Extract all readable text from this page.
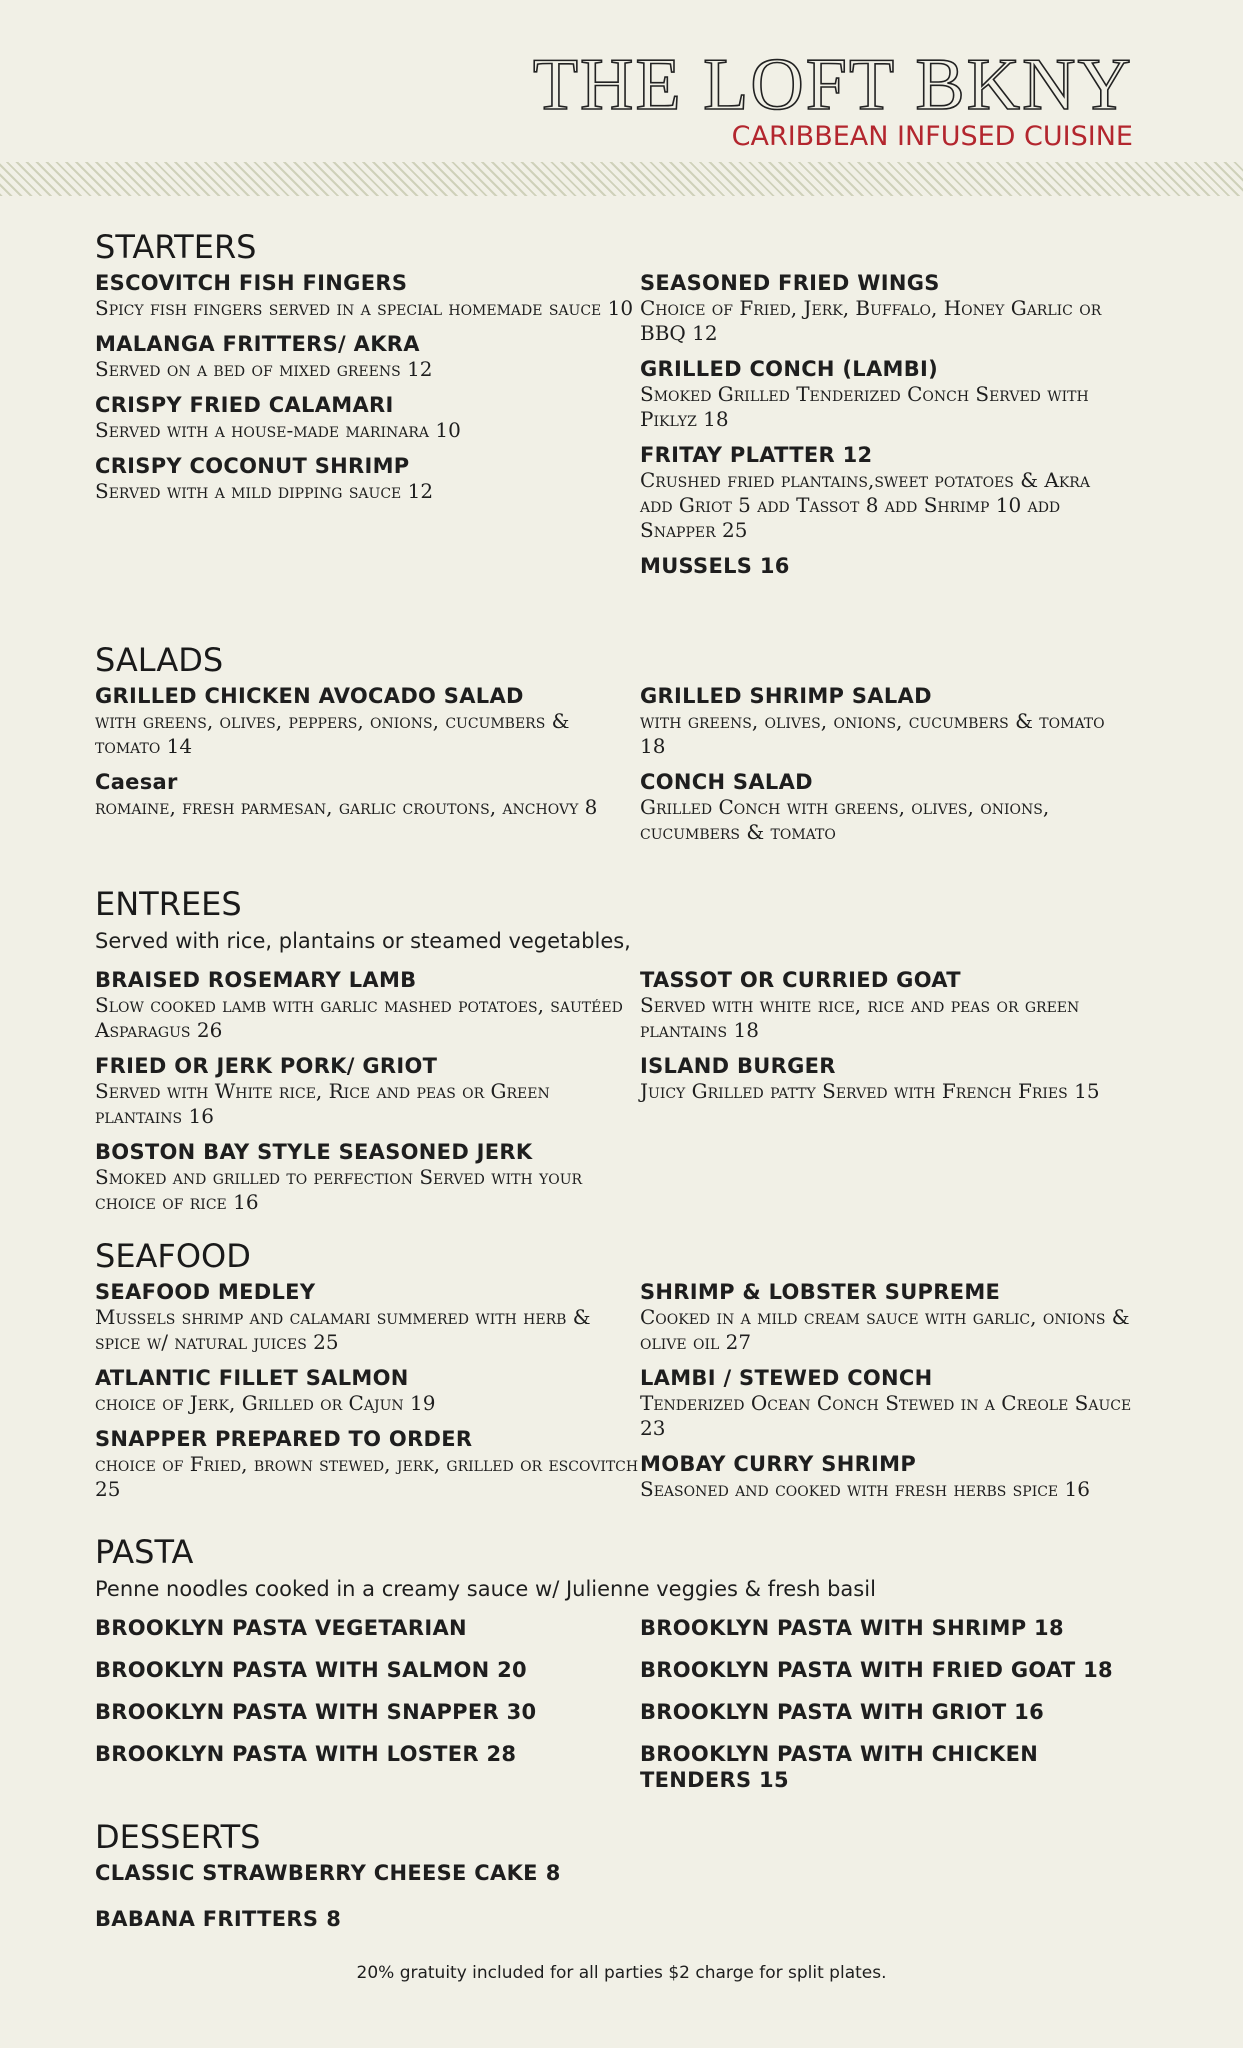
THE LOFT BKNY
CARIBBEAN INFUSED CUISINE
STARTERS
ESCOVITCH FISH FINGERS
Spicy fish fingers served in a special homemade sauce 10
MALANGA FRITTERS/ AKRA
Served on a bed of mixed greens 12
CRISPY FRIED CALAMARI
Served with a house-made marinara 10
CRISPY COCONUT SHRIMP
Served with a mild dipping sauce 12
SEASONED FRIED WINGS
Choice of Fried, Jerk, Buffalo, Honey Garlic or BBQ 12
GRILLED CONCH (LAMBI)
Smoked Grilled Tenderized Conch Served with Piklyz 18
FRITAY PLATTER 12
Crushed fried plantains,sweet potatoes & Akra
add Griot 5 add Tassot 8 add Shrimp 10 add Snapper 25
MUSSELS 16
SALADS
GRILLED CHICKEN AVOCADO SALAD
with greens, olives, peppers, onions, cucumbers & tomato 14
Caesar
romaine, fresh parmesan, garlic croutons, anchovy 8
GRILLED SHRIMP SALAD
with greens, olives, onions, cucumbers & tomato 18
CONCH SALAD
Grilled Conch with greens, olives, onions, cucumbers & tomato
ENTREES
Served with rice, plantains or steamed vegetables,
BRAISED ROSEMARY LAMB
Slow cooked lamb with garlic mashed potatoes, sautéed Asparagus 26
FRIED OR JERK PORK/ GRIOT
Served with White rice, Rice and peas or Green plantains 16
BOSTON BAY STYLE SEASONED JERK
Smoked and grilled to perfection Served with your choice of rice 16
TASSOT OR CURRIED GOAT
Served with white rice, rice and peas or green plantains 18
ISLAND BURGER
Juicy Grilled patty Served with French Fries 15
SEAFOOD
SEAFOOD MEDLEY
Mussels shrimp and calamari summered with herb & spice w/ natural juices 25
ATLANTIC FILLET SALMON
choice of Jerk, Grilled or Cajun 19
SNAPPER PREPARED TO ORDER
choice of Fried, brown stewed, jerk, grilled or escovitch 25
SHRIMP & LOBSTER SUPREME
Cooked in a mild cream sauce with garlic, onions & olive oil 27
LAMBI / STEWED CONCH
Tenderized Ocean Conch Stewed in a Creole Sauce 23
MOBAY CURRY SHRIMP
Seasoned and cooked with fresh herbs spice 16
PASTA
Penne noodles cooked in a creamy sauce w/ Julienne veggies & fresh basil
BROOKLYN PASTA VEGETARIAN
BROOKLYN PASTA WITH SALMON 20
BROOKLYN PASTA WITH SNAPPER 30
BROOKLYN PASTA WITH LOSTER 28
BROOKLYN PASTA WITH SHRIMP 18
BROOKLYN PASTA WITH FRIED GOAT 18
BROOKLYN PASTA WITH GRIOT 16
BROOKLYN PASTA WITH CHICKEN TENDERS 15
DESSERTS
CLASSIC STRAWBERRY CHEESE CAKE 8
BABANA FRITTERS 8
20% gratuity included for all parties $2 charge for split plates.
